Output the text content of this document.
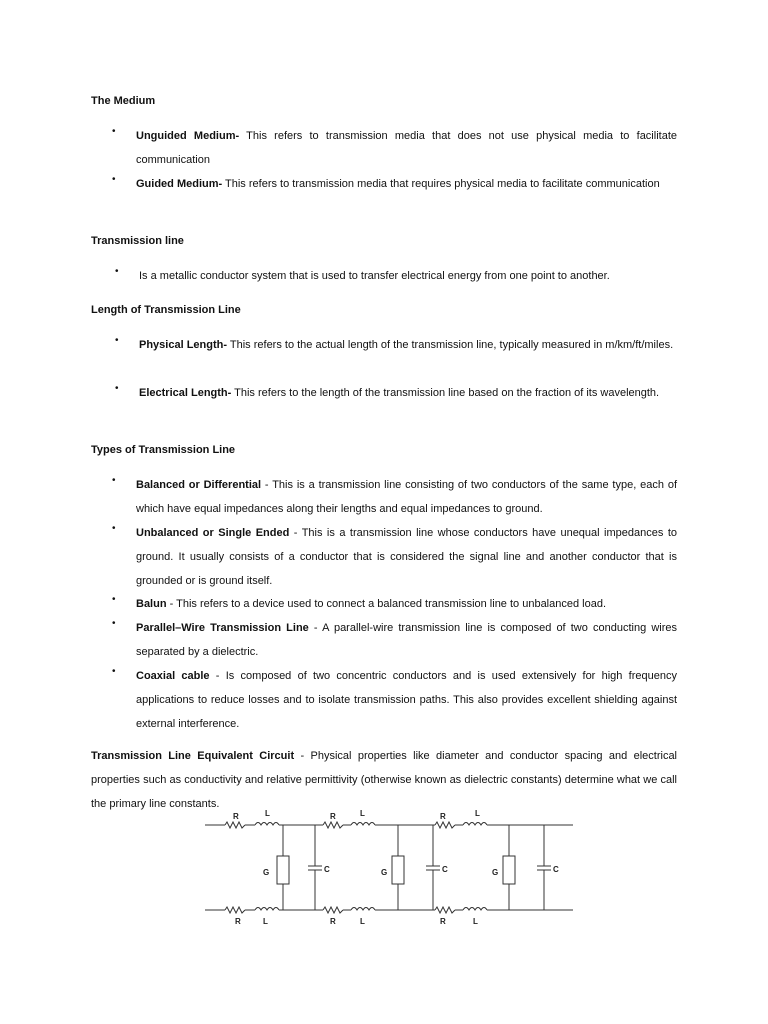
The Medium
• Unguided Medium- This refers to transmission media that does not use physical media to facilitate communication
• Guided Medium- This refers to transmission media that requires physical media to facilitate communication
Transmission line
• Is a metallic conductor system that is used to transfer electrical energy from one point to another.
Length of Transmission Line
• Physical Length- This refers to the actual length of the transmission line, typically measured in m/km/ft/miles.
• Electrical Length- This refers to the length of the transmission line based on the fraction of its wavelength.
Types of Transmission Line
• Balanced or Differential - This is a transmission line consisting of two conductors of the same type, each of which have equal impedances along their lengths and equal impedances to ground.
• Unbalanced or Single Ended - This is a transmission line whose conductors have unequal impedances to ground. It usually consists of a conductor that is considered the signal line and another conductor that is grounded or is ground itself.
• Balun - This refers to a device used to connect a balanced transmission line to unbalanced load.
• Parallel–Wire Transmission Line - A parallel-wire transmission line is composed of two conducting wires separated by a dielectric.
• Coaxial cable - Is composed of two concentric conductors and is used extensively for high frequency applications to reduce losses and to isolate transmission paths. This also provides excellent shielding against external interference.

Transmission Line Equivalent Circuit - Physical properties like diameter and conductor spacing and electrical properties such as conductivity and relative permittivity (otherwise known as dielectric constants) determine what we call the primary line constants.

R	L	R	L	R	L
G	C	G	C	G	C
R	L	R	L	R	L
